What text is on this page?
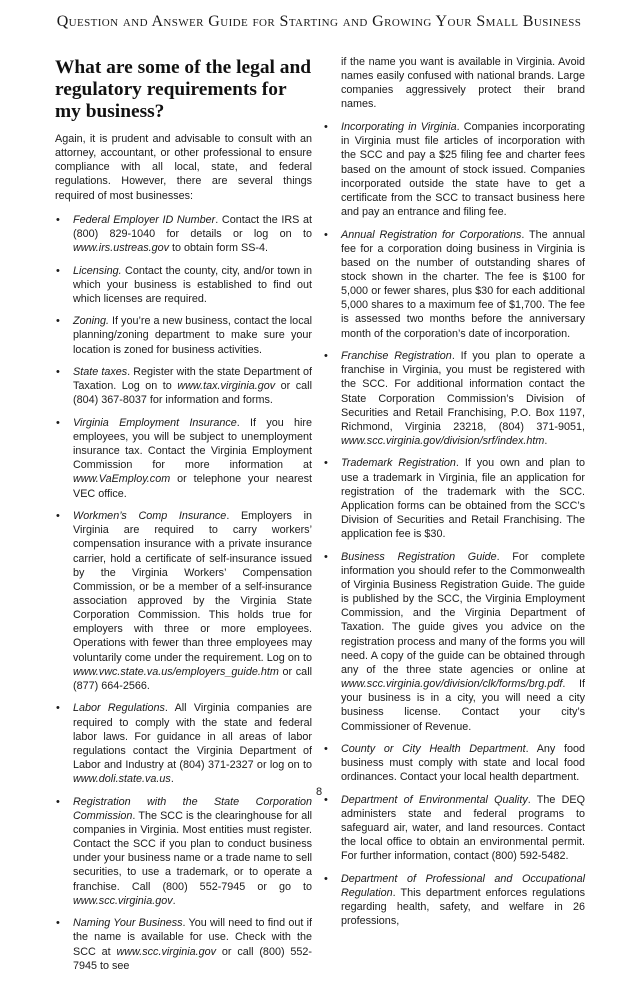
Question and Answer Guide for Starting and Growing Your Small Business
What are some of the legal and regulatory requirements for my business?

Again, it is prudent and advisable to consult with an attorney, accountant, or other professional to ensure compliance with all local, state, and federal regulations. However, there are several things required of most businesses:

• Federal Employer ID Number. Contact the IRS at (800) 829-1040 for details or log on to www.irs.ustreas.gov to obtain form SS-4.
• Licensing. Contact the county, city, and/or town in which your business is established to find out which licenses are required.
• Zoning. If you’re a new business, contact the local planning/zoning department to make sure your location is zoned for business activities.
• State taxes. Register with the state Department of Taxation. Log on to www.tax.virginia.gov or call (804) 367-8037 for information and forms.
• Virginia Employment Insurance. If you hire employees, you will be subject to unemployment insurance tax. Contact the Virginia Employment Commission for more information at www.VaEmploy.com or telephone your nearest VEC office.
• Workmen’s Comp Insurance. Employers in Virginia are required to carry workers’ compensation insurance with a private insurance carrier, hold a certificate of self-insurance issued by the Virginia Workers’ Compensation Commission, or be a member of a self-insurance association approved by the Virginia State Corporation Commission. This holds true for employers with three or more employees. Operations with fewer than three employees may voluntarily come under the requirement. Log on to www.vwc.state.va.us/employers_guide.htm or call (877) 664-2566.
• Labor Regulations. All Virginia companies are required to comply with the state and federal labor laws. For guidance in all areas of labor regulations contact the Virginia Department of Labor and Industry at (804) 371-2327 or log on to www.doli.state.va.us.
• Registration with the State Corporation Commission. The SCC is the clearinghouse for all companies in Virginia. Most entities must register. Contact the SCC if you plan to conduct business under your business name or a trade name to sell securities, to use a trademark, or to operate a franchise. Call (800) 552-7945 or go to www.scc.virginia.gov.
• Naming Your Business. You will need to find out if the name is available for use. Check with the SCC at www.scc.virginia.gov or call (800) 552-7945 to see
if the name you want is available in Virginia. Avoid names easily confused with national brands. Large companies aggressively protect their brand names.
• Incorporating in Virginia. Companies incorporating in Virginia must file articles of incorporation with the SCC and pay a $25 filing fee and charter fees based on the amount of stock issued. Companies incorporated outside the state have to get a certificate from the SCC to transact business here and pay an entrance and filing fee.
• Annual Registration for Corporations. The annual fee for a corporation doing business in Virginia is based on the number of outstanding shares of stock shown in the charter. The fee is $100 for 5,000 or fewer shares, plus $30 for each additional 5,000 shares to a maximum fee of $1,700. The fee is assessed two months before the anniversary month of the corporation’s date of incorporation.
• Franchise Registration. If you plan to operate a franchise in Virginia, you must be registered with the SCC. For additional information contact the State Corporation Commission’s Division of Securities and Retail Franchising, P.O. Box 1197, Richmond, Virginia 23218, (804) 371-9051, www.scc.virginia.gov/division/srf/index.htm.
• Trademark Registration. If you own and plan to use a trademark in Virginia, file an application for registration of the trademark with the SCC. Application forms can be obtained from the SCC’s Division of Securities and Retail Franchising. The application fee is $30.
• Business Registration Guide. For complete information you should refer to the Commonwealth of Virginia Business Registration Guide. The guide is published by the SCC, the Virginia Employment Commission, and the Virginia Department of Taxation. The guide gives you advice on the registration process and many of the forms you will need. A copy of the guide can be obtained through any of the three state agencies or online at www.scc.virginia.gov/division/clk/forms/brg.pdf. If your business is in a city, you will need a city business license. Contact your city’s Commissioner of Revenue.
• County or City Health Department. Any food business must comply with state and local food ordinances. Contact your local health department.
• Department of Environmental Quality. The DEQ administers state and federal programs to safeguard air, water, and land resources. Contact the local office to obtain an environmental permit. For further information, contact (800) 592-5482.
• Department of Professional and Occupational Regulation. This department enforces regulations regarding health, safety, and welfare in 26 professions,
8
